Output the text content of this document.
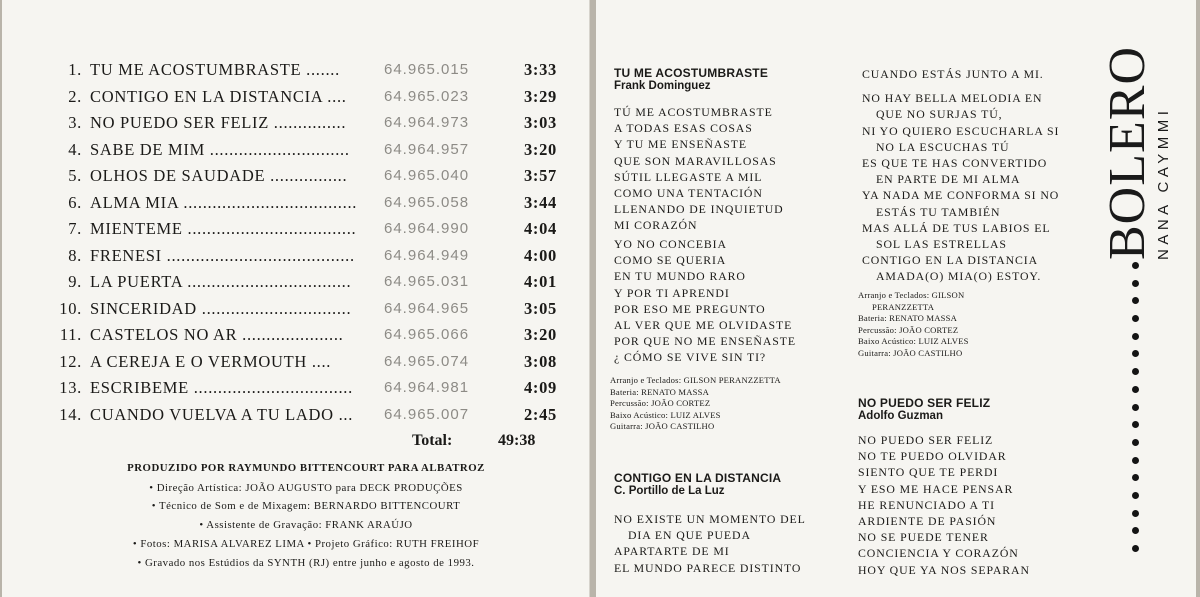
1. TU ME ACOSTUMBRASTE .......	64.965.015	3:33
2. CONTIGO EN LA DISTANCIA .... 64.965.023	3:29
3. NO PUEDO SER FELIZ ...............	64.964.973	3:03
4. SABE DE MIM ............................. 64.964.957	3:20
5. OLHOS DE SAUDADE ................ 64.965.040	3:57
6. ALMA MIA .................................... 64.965.058	3:44
7. MIENTEME ................................... 64.964.990	4:04
8. FRENESI ....................................... 64.964.949	4:00
9. LA PUERTA .................................. 64.965.031	4:01
10. SINCERIDAD ............................... 64.964.965	3:05
11. CASTELOS NO AR .....................	64.965.066	3:20
12. A CEREJA E O VERMOUTH ....	64.965.074	3:08
13. ESCRIBEME ................................. 64.964.981	4:09
14. CUANDO VUELVA A TU LADO ... 64.965.007	2:45
Total:	49:38
PRODUZIDO POR RAYMUNDO BITTENCOURT PARA ALBATROZ
• Direção Artística: JOÃO AUGUSTO para DECK PRODUÇÕES
• Técnico de Som e de Mixagem: BERNARDO BITTENCOURT
• Assistente de Gravação: FRANK ARAÚJO
• Fotos: MARISA ALVAREZ LIMA • Projeto Gráfico: RUTH FREIHOF
• Gravado nos Estúdios da SYNTH (RJ) entre junho e agosto de 1993.
TU ME ACOSTUMBRASTE
Frank Dominguez
TÚ ME ACOSTUMBRASTE
A TODAS ESAS COSAS
Y TU ME ENSEÑASTE
QUE SON MARAVILLOSAS
SÚTIL LLEGASTE A MIL
COMO UNA TENTACIÓN
LLENANDO DE INQUIETUD
MI CORAZÓN
YO NO CONCEBIA
COMO SE QUERIA
EN TU MUNDO RARO
Y POR TI APRENDI
POR ESO ME PREGUNTO
AL VER QUE ME OLVIDASTE
POR QUE NO ME ENSEÑASTE
¿ CÓMO SE VIVE SIN TI?
Arranjo e Teclados: GILSON PERANZZETTA
Bateria: RENATO MASSA
Percussão: JOÃO CORTEZ
Baixo Acústico: LUIZ ALVES
Guitarra: JOÃO CASTILHO
CONTIGO EN LA DISTANCIA
C. Portillo de La Luz
NO EXISTE UN MOMENTO DEL
DIA EN QUE PUEDA
APARTARTE DE MI
EL MUNDO PARECE DISTINTO
CUANDO ESTÁS JUNTO A MI.
NO HAY BELLA MELODIA EN
QUE NO SURJAS TÚ,
NI YO QUIERO ESCUCHARLA SI
NO LA ESCUCHAS TÚ
ES QUE TE HAS CONVERTIDO
EN PARTE DE MI ALMA
YA NADA ME CONFORMA SI NO
ESTÁS TU TAMBIÉN
MAS ALLÁ DE TUS LABIOS EL
SOL LAS ESTRELLAS
CONTIGO EN LA DISTANCIA
AMADA(O) MIA(O) ESTOY.
Arranjo e Teclados: GILSON
PERANZZETTA
Bateria: RENATO MASSA
Percussão: JOÃO CORTEZ
Baixo Acústico: LUIZ ALVES
Guitarra: JOÃO CASTILHO
NO PUEDO SER FELIZ
Adolfo Guzman
NO PUEDO SER FELIZ
NO TE PUEDO OLVIDAR
SIENTO QUE TE PERDI
Y ESO ME HACE PENSAR
HE RENUNCIADO A TI
ARDIENTE DE PASIÓN
NO SE PUEDE TENER
CONCIENCIA Y CORAZÓN
HOY QUE YA NOS SEPARAN
BOLERO NANA CAYMMI
